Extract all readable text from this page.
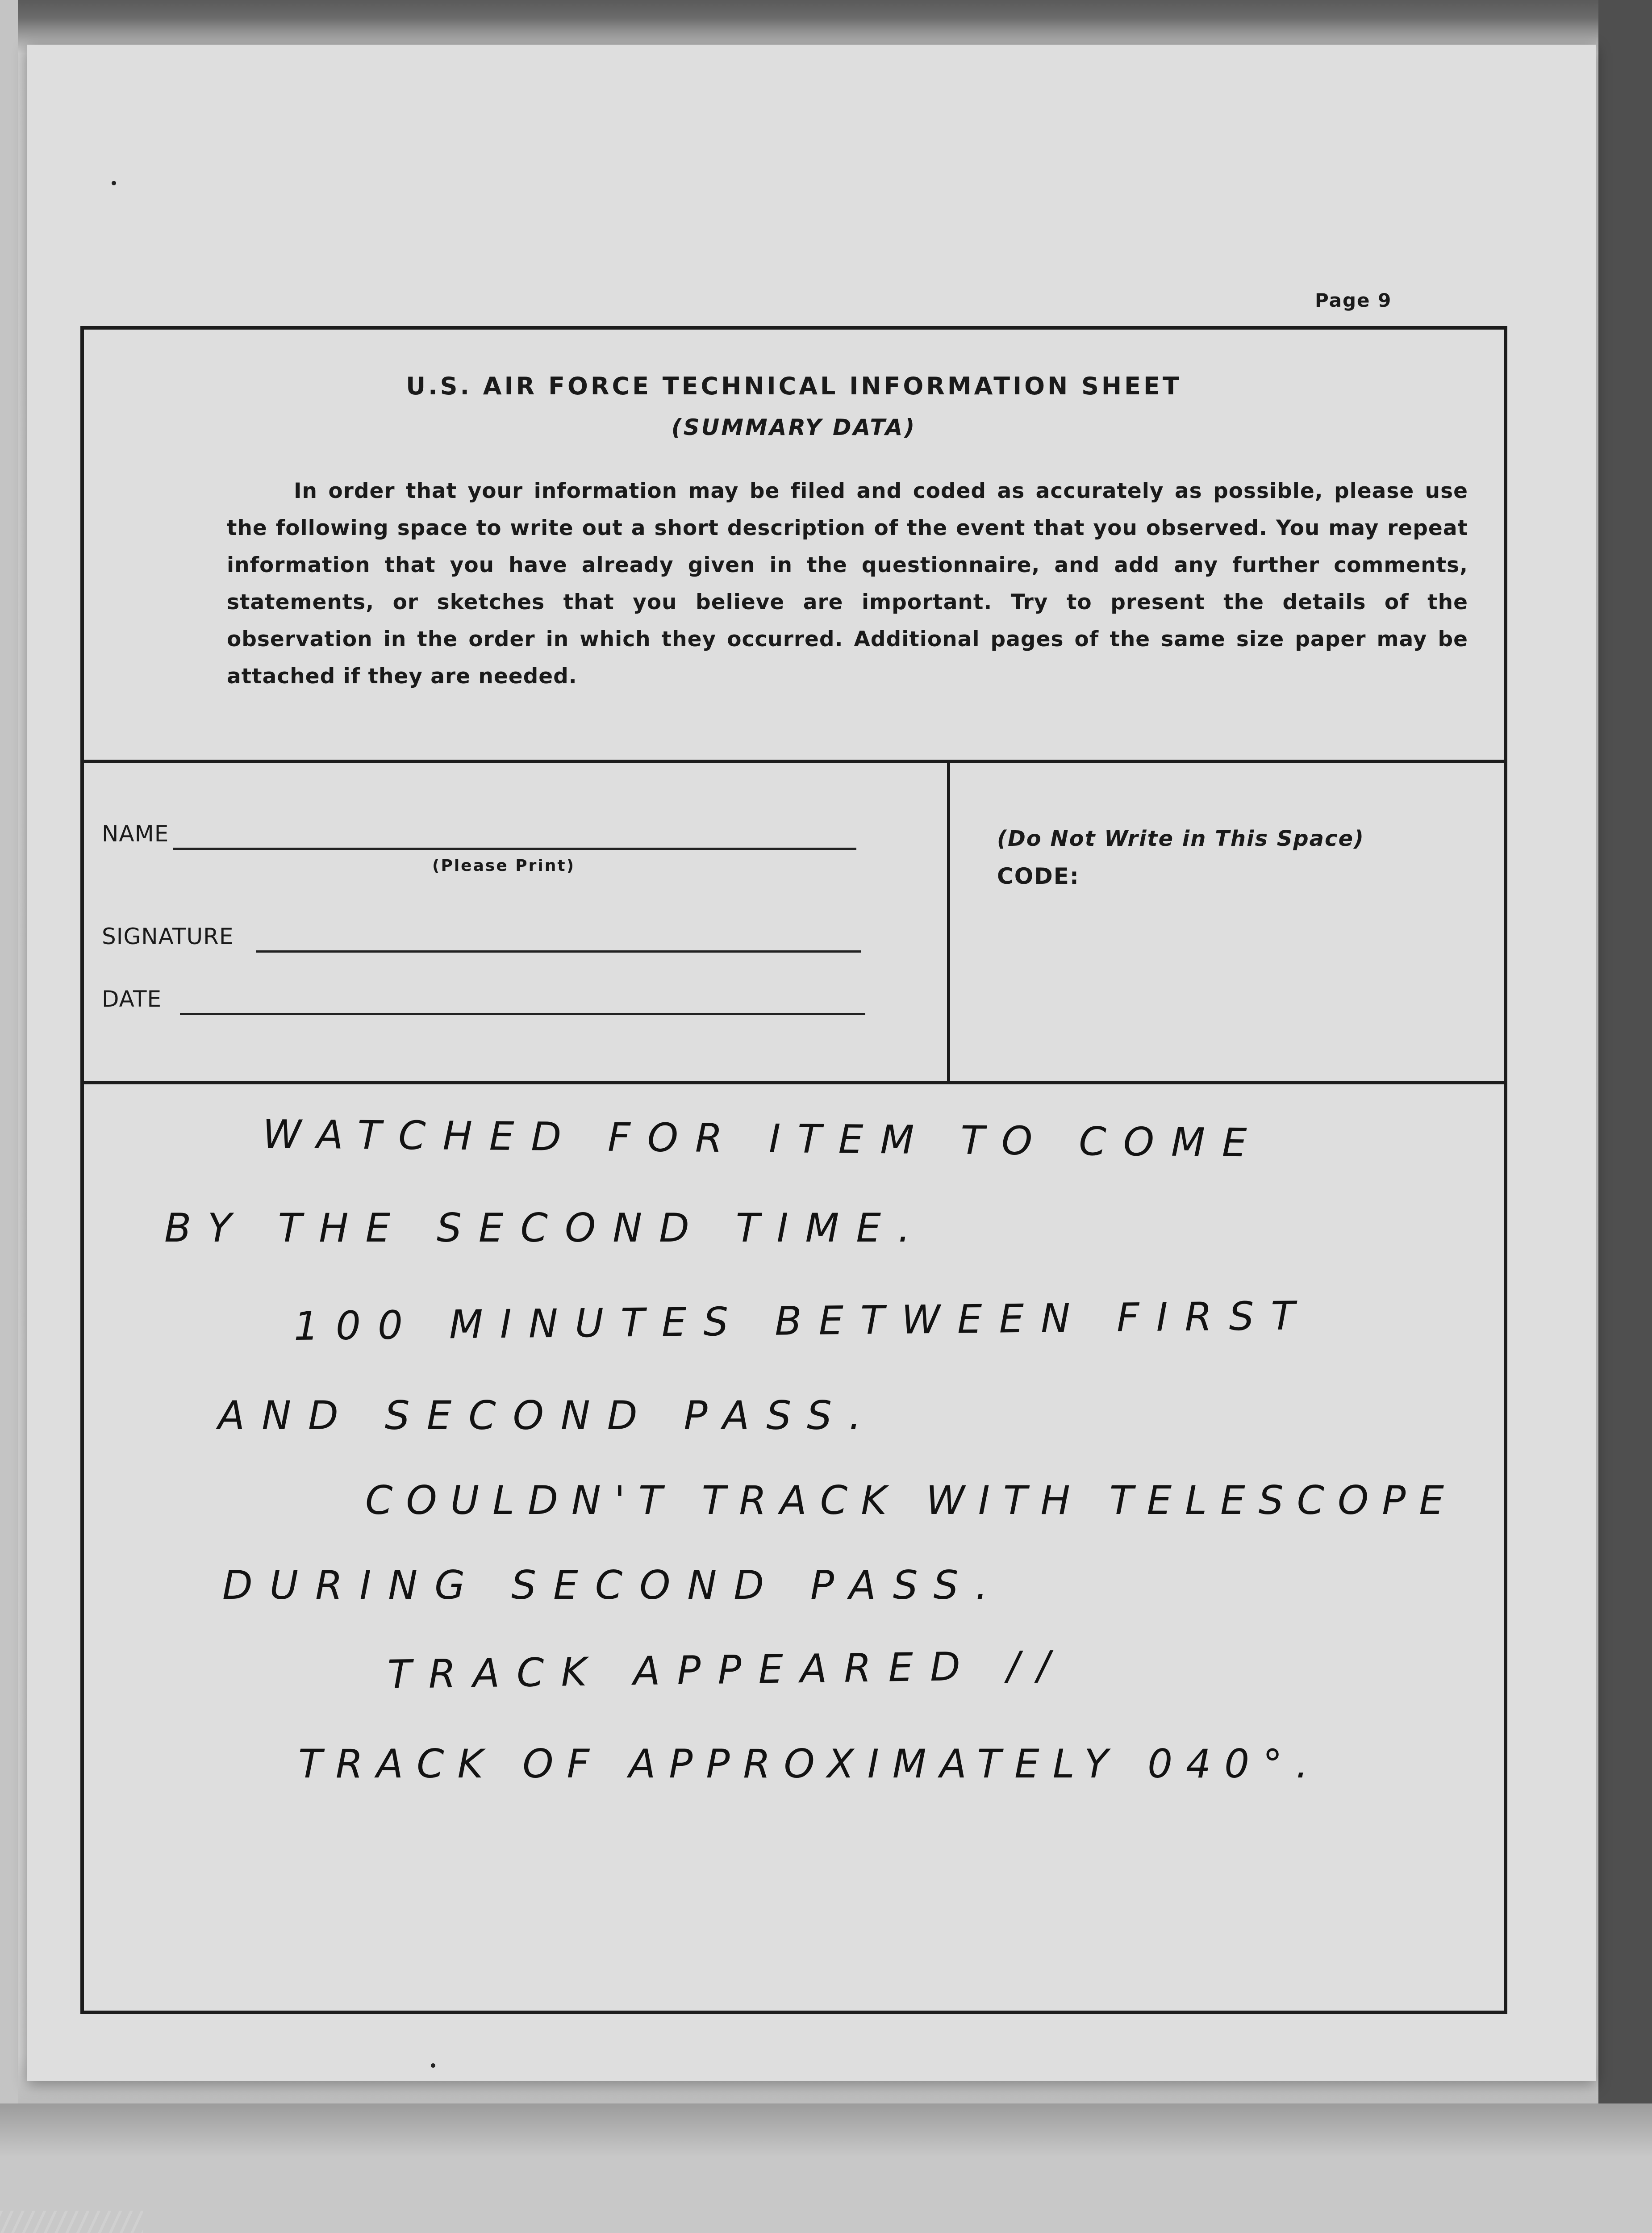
Page 9
U.S. AIR FORCE TECHNICAL INFORMATION SHEET
(SUMMARY DATA)
In order that your information may be filed and coded as accurately as possible, please use the following space to write out a short description of the event that you observed. You may repeat information that you have already given in the questionnaire, and add any further comments, statements, or sketches that you believe are important. Try to present the details of the observation in the order in which they occurred. Additional pages of the same size paper may be attached if they are needed.
NAME
(Please Print)
SIGNATURE
DATE
(Do Not Write in This Space)
CODE:
WATCHED FOR ITEM TO COME
BY THE SECOND TIME.
100 MINUTES BETWEEN FIRST
AND SECOND PASS.
COULDN'T TRACK WITH TELESCOPE
DURING SECOND PASS.
TRACK APPEARED //
TRACK OF APPROXIMATELY 040°.
